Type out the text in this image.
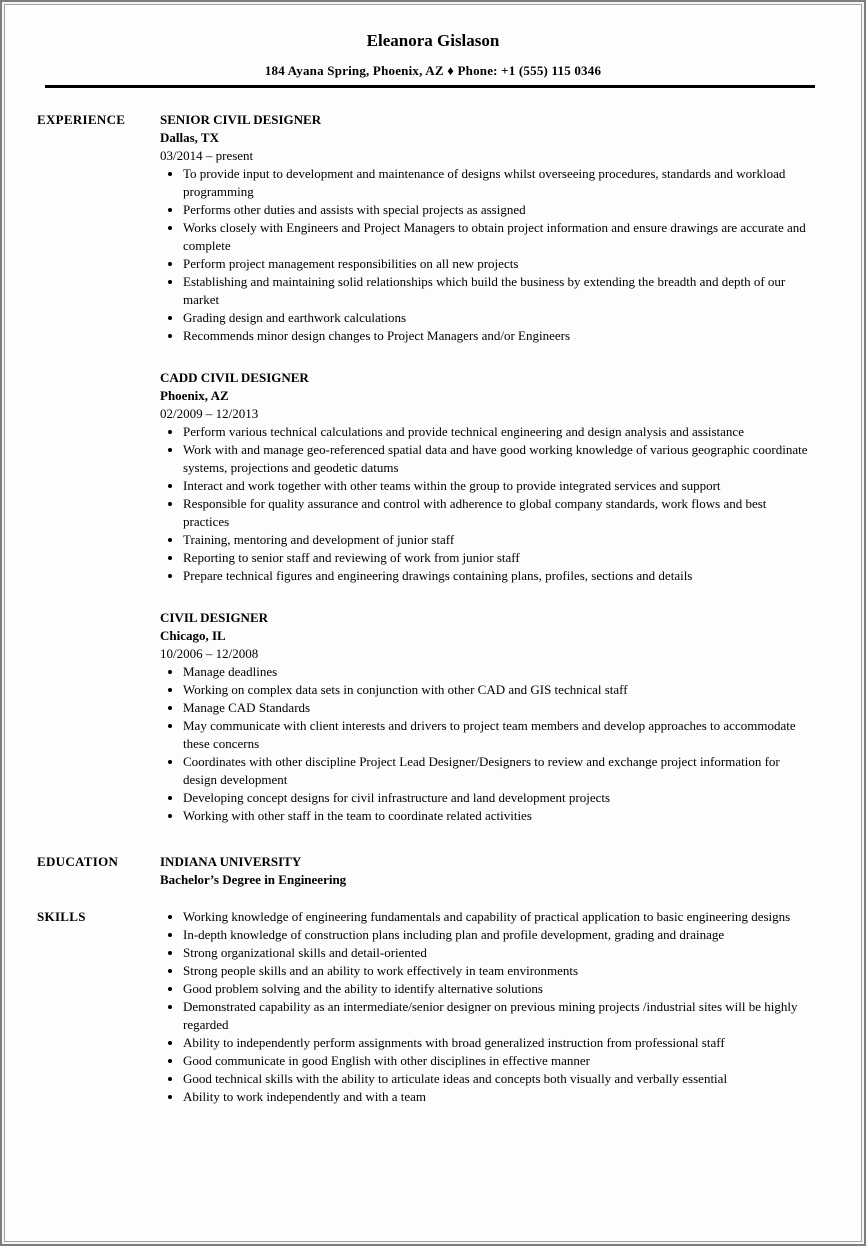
Eleanora Gislason
184 Ayana Spring, Phoenix, AZ ♦ Phone: +1 (555) 115 0346
EXPERIENCE	SENIOR CIVIL DESIGNER
Dallas, TX
03/2014 – present
• To provide input to development and maintenance of designs whilst overseeing procedures, standards and workload programming
• Performs other duties and assists with special projects as assigned
• Works closely with Engineers and Project Managers to obtain project information and ensure drawings are accurate and complete
• Perform project management responsibilities on all new projects
• Establishing and maintaining solid relationships which build the business by extending the breadth and depth of our market
• Grading design and earthwork calculations
• Recommends minor design changes to Project Managers and/or Engineers
CADD CIVIL DESIGNER
Phoenix, AZ
02/2009 – 12/2013
• Perform various technical calculations and provide technical engineering and design analysis and assistance
• Work with and manage geo-referenced spatial data and have good working knowledge of various geographic coordinate systems, projections and geodetic datums
• Interact and work together with other teams within the group to provide integrated services and support
• Responsible for quality assurance and control with adherence to global company standards, work flows and best practices
• Training, mentoring and development of junior staff
• Reporting to senior staff and reviewing of work from junior staff
• Prepare technical figures and engineering drawings containing plans, profiles, sections and details
CIVIL DESIGNER
Chicago, IL
10/2006 – 12/2008
• Manage deadlines
• Working on complex data sets in conjunction with other CAD and GIS technical staff
• Manage CAD Standards
• May communicate with client interests and drivers to project team members and develop approaches to accommodate these concerns
• Coordinates with other discipline Project Lead Designer/Designers to review and exchange project information for design development
• Developing concept designs for civil infrastructure and land development projects
• Working with other staff in the team to coordinate related activities
EDUCATION	INDIANA UNIVERSITY
Bachelor’s Degree in Engineering
SKILLS	• Working knowledge of engineering fundamentals and capability of practical application to basic engineering designs
• In-depth knowledge of construction plans including plan and profile development, grading and drainage
• Strong organizational skills and detail-oriented
• Strong people skills and an ability to work effectively in team environments
• Good problem solving and the ability to identify alternative solutions
• Demonstrated capability as an intermediate/senior designer on previous mining projects /industrial sites will be highly regarded
• Ability to independently perform assignments with broad generalized instruction from professional staff
• Good communicate in good English with other disciplines in effective manner
• Good technical skills with the ability to articulate ideas and concepts both visually and verbally essential
• Ability to work independently and with a team
